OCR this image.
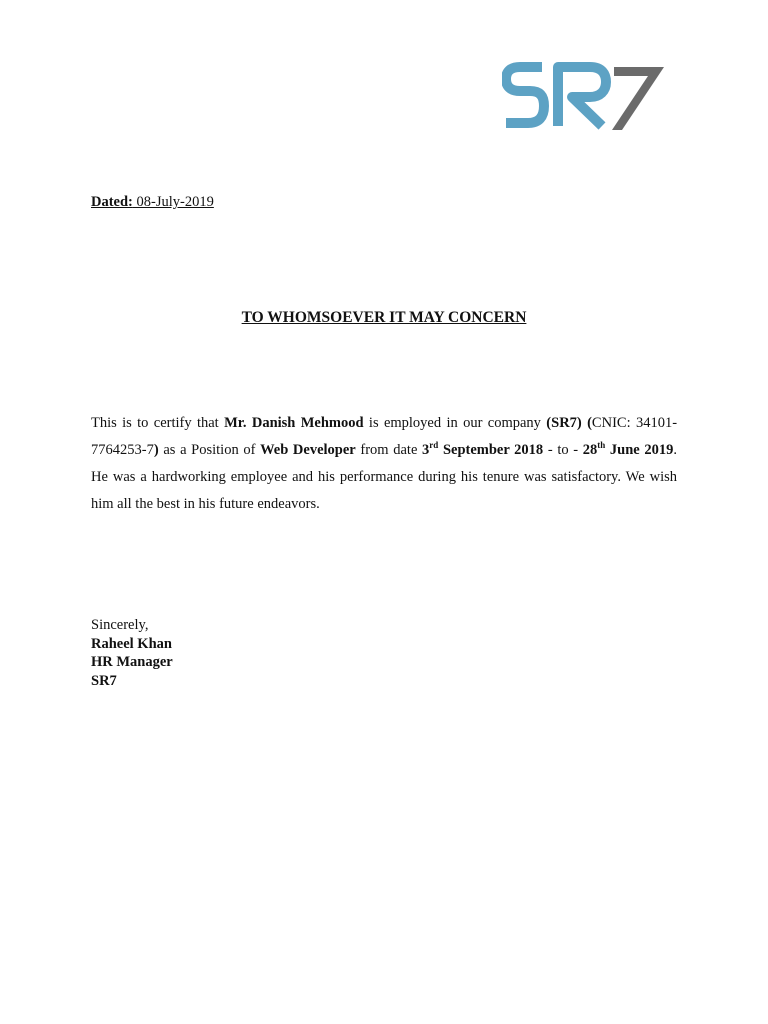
Dated: 08-July-2019
TO WHOMSOEVER IT MAY CONCERN
This is to certify that Mr. Danish Mehmood is employed in our company (SR7) (CNIC: 34101-7764253-7) as a Position of Web Developer from date 3rd September 2018 - to - 28th June 2019. He was a hardworking employee and his performance during his tenure was satisfactory. We wish him all the best in his future endeavors.
Sincerely,
Raheel Khan
HR Manager
SR7
